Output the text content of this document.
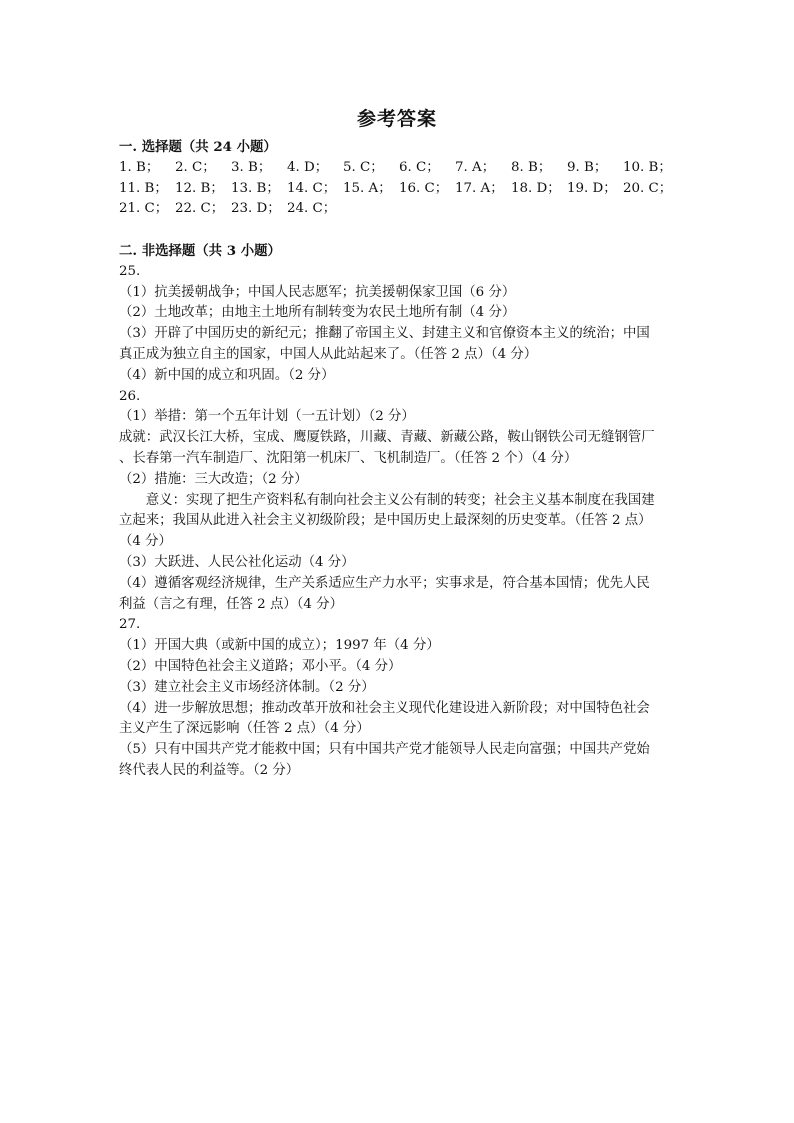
参考答案
一. 选择题（共 24 小题）
1. B；	2. C；	3. B；	4. D；	5. C；	6. C；	7. A；	8. B；	9. B；	10. B；
11. B； 12. B； 13. B； 14. C； 15. A； 16. C； 17. A； 18. D； 19. D； 20. C；
21. C； 22. C； 23. D； 24. C；
二. 非选择题（共 3 小题）
25.
（1）抗美援朝战争；中国人民志愿军；抗美援朝保家卫国（6 分）
（2）土地改革；由地主土地所有制转变为农民土地所有制（4 分）
（3）开辟了中国历史的新纪元；推翻了帝国主义、封建主义和官僚资本主义的统治；中国
真正成为独立自主的国家，中国人从此站起来了。（任答 2 点）（4 分）
（4）新中国的成立和巩固。（2 分）
26.
（1）举措：第一个五年计划（一五计划）（2 分）
成就：武汉长江大桥，宝成、鹰厦铁路，川藏、青藏、新藏公路，鞍山钢铁公司无缝钢管厂
、长春第一汽车制造厂、沈阳第一机床厂、飞机制造厂。（任答 2 个）（4 分）
（2）措施：三大改造；（2 分）
意义：实现了把生产资料私有制向社会主义公有制的转变；社会主义基本制度在我国建
立起来；我国从此进入社会主义初级阶段；是中国历史上最深刻的历史变革。（任答 2 点）
（4 分）
（3）大跃进、人民公社化运动（4 分）
（4）遵循客观经济规律，生产关系适应生产力水平；实事求是，符合基本国情；优先人民
利益（言之有理，任答 2 点）（4 分）
27.
（1）开国大典（或新中国的成立）；1997 年（4 分）
（2）中国特色社会主义道路；邓小平。（4 分）
（3）建立社会主义市场经济体制。（2 分）
（4）进一步解放思想；推动改革开放和社会主义现代化建设进入新阶段；对中国特色社会
主义产生了深远影响（任答 2 点）（4 分）
（5）只有中国共产党才能救中国；只有中国共产党才能领导人民走向富强；中国共产党始
终代表人民的利益等。（2 分）
